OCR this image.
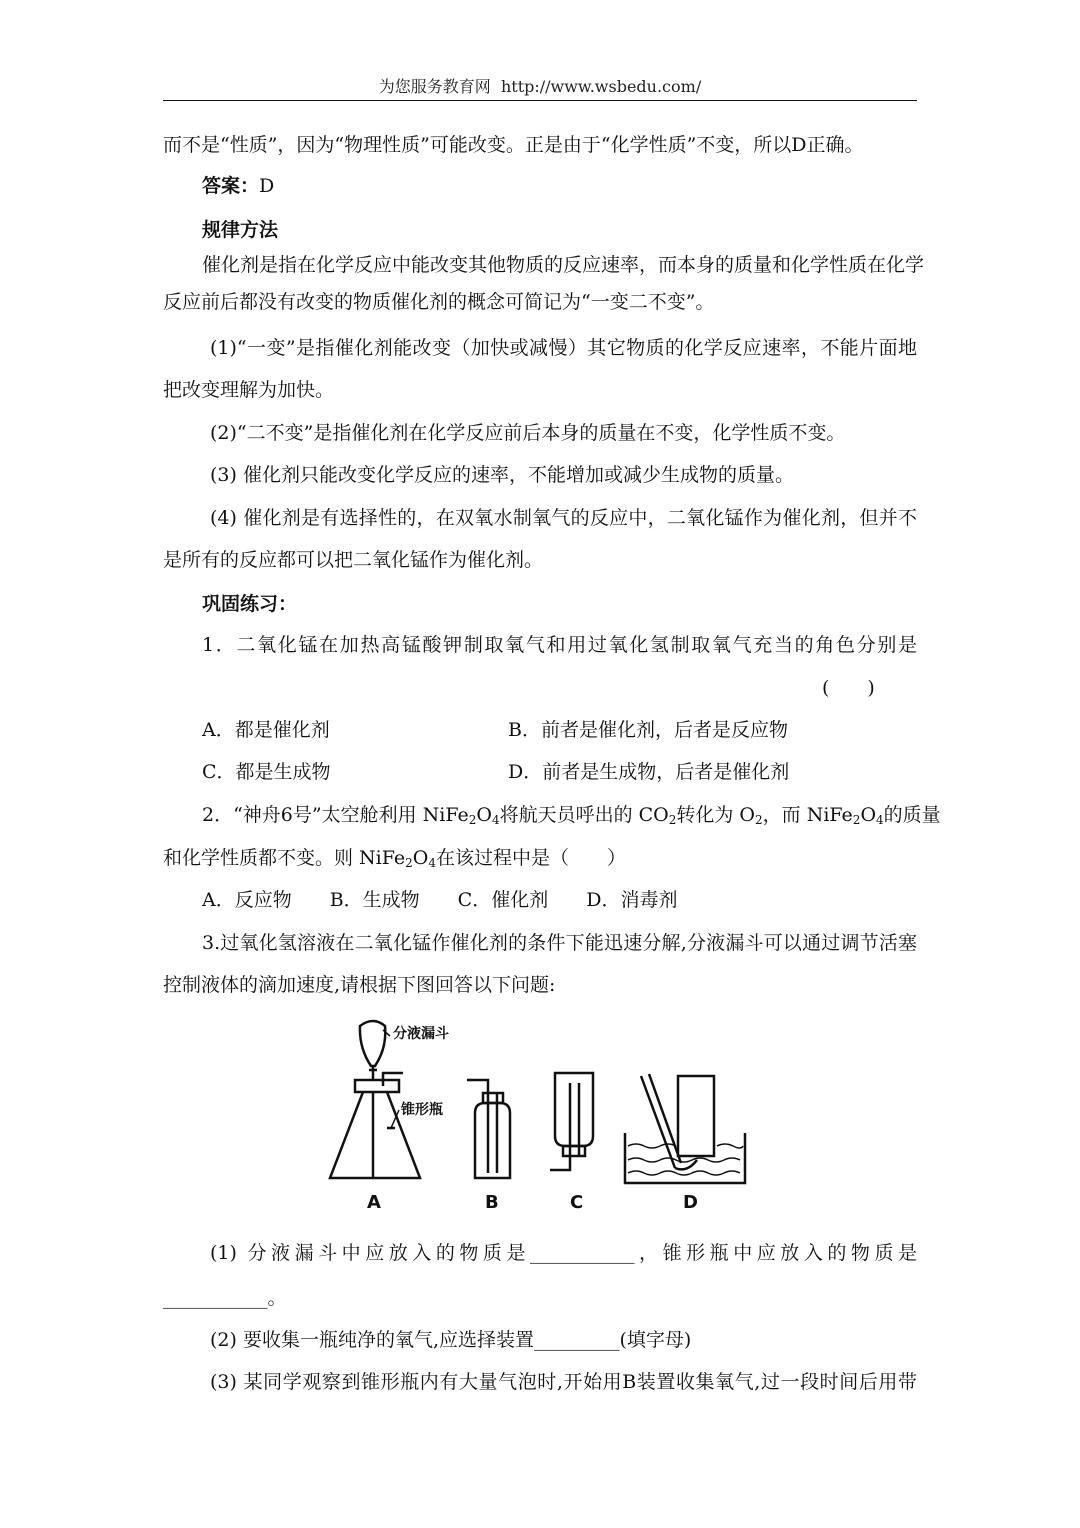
为您服务教育网 http://www.wsbedu.com/
而不是“性质”，因为“物理性质”可能改变。正是由于“化学性质”不变，所以D正确。
答案：D
规律方法
催化剂是指在化学反应中能改变其他物质的反应速率，而本身的质量和化学性质在化学
反应前后都没有改变的物质催化剂的概念可简记为“一变二不变”。
(1)“一变”是指催化剂能改变（加快或减慢）其它物质的化学反应速率，不能片面地
把改变理解为加快。
(2)“二不变”是指催化剂在化学反应前后本身的质量在不变，化学性质不变。
(3) 催化剂只能改变化学反应的速率，不能增加或减少生成物的质量。
(4) 催化剂是有选择性的，在双氧水制氧气的反应中，二氧化锰作为催化剂，但并不
是所有的反应都可以把二氧化锰作为催化剂。
巩固练习：
1．二氧化锰在加热高锰酸钾制取氧气和用过氧化氢制取氧气充当的角色分别是
(　　)
A．都是催化剂	B．前者是催化剂，后者是反应物
C．都是生成物	D．前者是生成物，后者是催化剂
2．“神舟6号”太空舱利用 $NiFe_2O_4$将航天员呼出的 $CO_2$转化为 $O_2$，而 $NiFe_2O_4$的质量
和化学性质都不变。则 $NiFe_2O_4$在该过程中是（　　）
A．反应物　　B．生成物　　C．催化剂　　D．消毒剂
3.过氧化氢溶液在二氧化锰作催化剂的条件下能迅速分解,分液漏斗可以通过调节活塞
控制液体的滴加速度,请根据下图回答以下问题:
分液漏斗
锥形瓶
A	B	C	D
(1) 分液漏斗中应放入的物质是___________，锥形瓶中应放入的物质是
___________。
(2) 要收集一瓶纯净的氧气,应选择装置_________(填字母)
(3) 某同学观察到锥形瓶内有大量气泡时,开始用B装置收集氧气,过一段时间后用带
